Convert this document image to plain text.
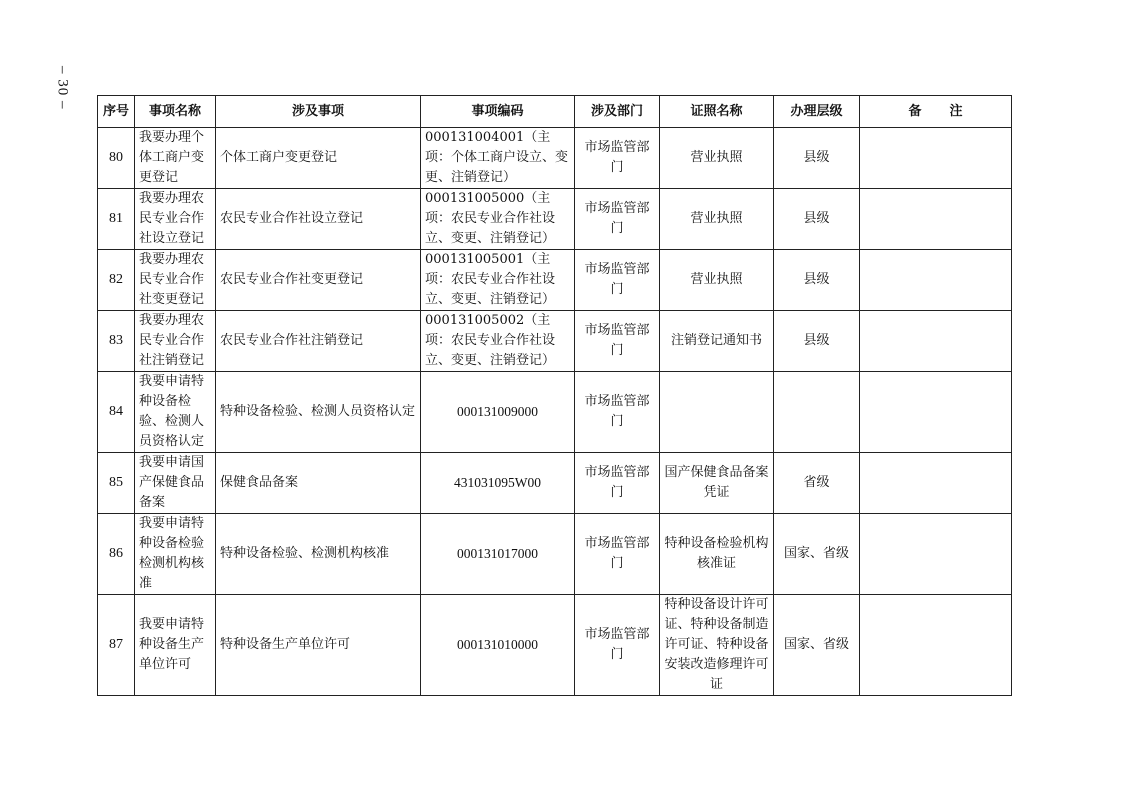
– 30 –
序号	事项名称	涉及事项	事项编码	涉及部门	证照名称	办理层级	备注
80	我要办理个体工商户变更登记	个体工商户变更登记	000131004001（主项：个体工商户设立、变更、注销登记）	市场监管部门	营业执照	县级	
81	我要办理农民专业合作社设立登记	农民专业合作社设立登记	000131005000（主项：农民专业合作社设立、变更、注销登记）	市场监管部门	营业执照	县级	
82	我要办理农民专业合作社变更登记	农民专业合作社变更登记	000131005001（主项：农民专业合作社设立、变更、注销登记）	市场监管部门	营业执照	县级	
83	我要办理农民专业合作社注销登记	农民专业合作社注销登记	000131005002（主项：农民专业合作社设立、变更、注销登记）	市场监管部门	注销登记通知书	县级	
84	我要申请特种设备检验、检测人员资格认定	特种设备检验、检测人员资格认定	000131009000	市场监管部门			
85	我要申请国产保健食品备案	保健食品备案	431031095W00	市场监管部门	国产保健食品备案凭证	省级	
86	我要申请特种设备检验检测机构核准	特种设备检验、检测机构核准	000131017000	市场监管部门	特种设备检验机构核准证	国家、省级	
87	我要申请特种设备生产单位许可	特种设备生产单位许可	000131010000	市场监管部门	特种设备设计许可证、特种设备制造许可证、特种设备安装改造修理许可证	国家、省级	
